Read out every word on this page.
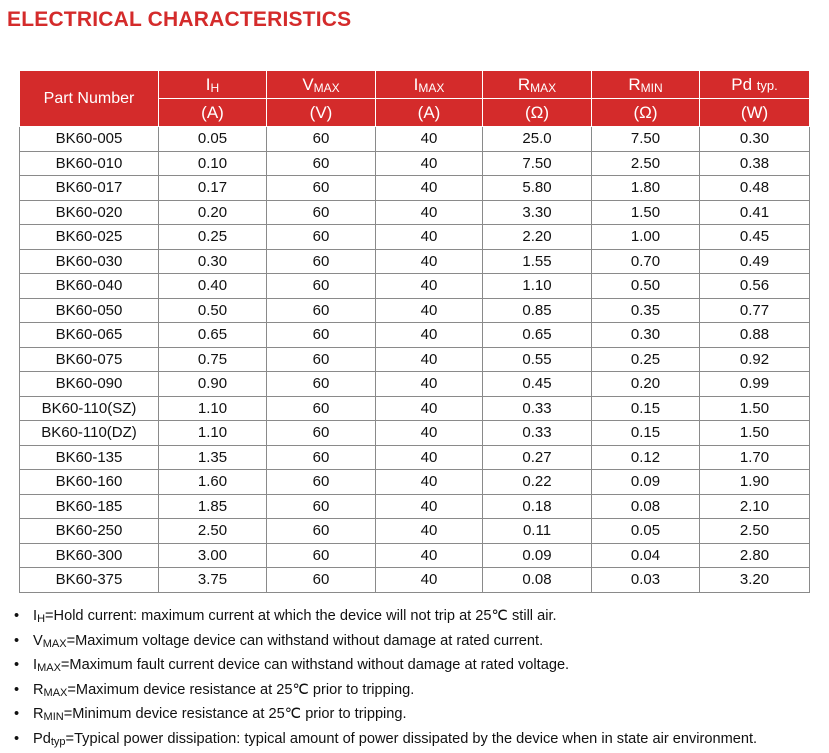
ELECTRICAL CHARACTERISTICS
Part Number	$I_H$	$V_{MAX}$	$I_{MAX}$	$R_{MAX}$	$R_{MIN}$	Pd typ.
	(A)	(V)	(A)	(Ω)	(Ω)	(W)
BK60-005	0.05	60	40	25.0	7.50	0.30
BK60-010	0.10	60	40	7.50	2.50	0.38
BK60-017	0.17	60	40	5.80	1.80	0.48
BK60-020	0.20	60	40	3.30	1.50	0.41
BK60-025	0.25	60	40	2.20	1.00	0.45
BK60-030	0.30	60	40	1.55	0.70	0.49
BK60-040	0.40	60	40	1.10	0.50	0.56
BK60-050	0.50	60	40	0.85	0.35	0.77
BK60-065	0.65	60	40	0.65	0.30	0.88
BK60-075	0.75	60	40	0.55	0.25	0.92
BK60-090	0.90	60	40	0.45	0.20	0.99
BK60-110(SZ)	1.10	60	40	0.33	0.15	1.50
BK60-110(DZ)	1.10	60	40	0.33	0.15	1.50
BK60-135	1.35	60	40	0.27	0.12	1.70
BK60-160	1.60	60	40	0.22	0.09	1.90
BK60-185	1.85	60	40	0.18	0.08	2.10
BK60-250	2.50	60	40	0.11	0.05	2.50
BK60-300	3.00	60	40	0.09	0.04	2.80
BK60-375	3.75	60	40	0.08	0.03	3.20
• $I_H=Hold$ current: maximum current at which the device will not trip at 25℃ still air.
• $V_{MAX}=Maximum$ voltage device can withstand without damage at rated current.
• $I_{MAX}=Maximum$ fault current device can withstand without damage at rated voltage.
• $R_{MAX}=Maximum$ device resistance at 25℃ prior to tripping.
• $R_{MIN}=Minimum$ device resistance at 25℃ prior to tripping.
• $Pd_{typ}=Typical$ power dissipation: typical amount of power dissipated by the device when in state air environment.
